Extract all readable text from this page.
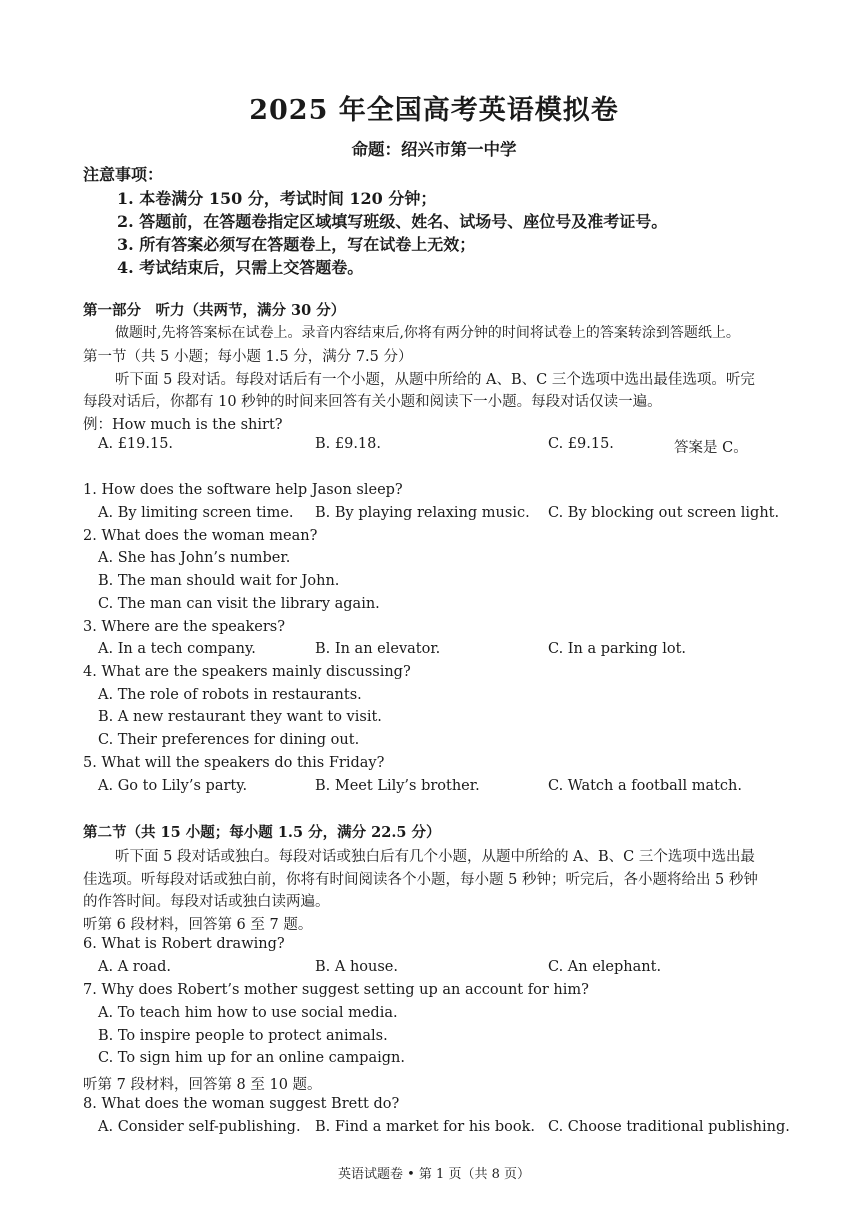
2025 年全国高考英语模拟卷
命题：绍兴市第一中学
注意事项：
1. 本卷满分 150 分，考试时间 120 分钟；
2. 答题前，在答题卷指定区域填写班级、姓名、试场号、座位号及准考证号。
3. 所有答案必须写在答题卷上，写在试卷上无效；
4. 考试结束后，只需上交答题卷。
第一部分　听力（共两节，满分 30 分）
做题时,先将答案标在试卷上。录音内容结束后,你将有两分钟的时间将试卷上的答案转涂到答题纸上。
第一节（共 5 小题；每小题 1.5 分，满分 7.5 分）
听下面 5 段对话。每段对话后有一个小题，从题中所给的 A、B、C 三个选项中选出最佳选项。听完
每段对话后，你都有 10 秒钟的时间来回答有关小题和阅读下一小题。每段对话仅读一遍。
例：How much is the shirt?
A. £19.15.	B. £9.18.	C. £9.15.	答案是 C。
1. How does the software help Jason sleep?
A. By limiting screen time. B. By playing relaxing music. C. By blocking out screen light.
2. What does the woman mean?
A. She has John’s number.
B. The man should wait for John.
C. The man can visit the library again.
3. Where are the speakers?
A. In a tech company.	B. In an elevator.	C. In a parking lot.
4. What are the speakers mainly discussing?
A. The role of robots in restaurants.
B. A new restaurant they want to visit.
C. Their preferences for dining out.
5. What will the speakers do this Friday?
A. Go to Lily’s party.	B. Meet Lily’s brother.	C. Watch a football match.
第二节（共 15 小题；每小题 1.5 分，满分 22.5 分）
听下面 5 段对话或独白。每段对话或独白后有几个小题，从题中所给的 A、B、C 三个选项中选出最
佳选项。听每段对话或独白前，你将有时间阅读各个小题，每小题 5 秒钟；听完后，各小题将给出 5 秒钟
的作答时间。每段对话或独白读两遍。
听第 6 段材料，回答第 6 至 7 题。
6. What is Robert drawing?
A. A road.	B. A house.	C. An elephant.
7. Why does Robert’s mother suggest setting up an account for him?
A. To teach him how to use social media.
B. To inspire people to protect animals.
C. To sign him up for an online campaign.
听第 7 段材料，回答第 8 至 10 题。
8. What does the woman suggest Brett do?
A. Consider self-publishing. B. Find a market for his book. C. Choose traditional publishing.
英语试题卷 • 第 1 页（共 8 页）
